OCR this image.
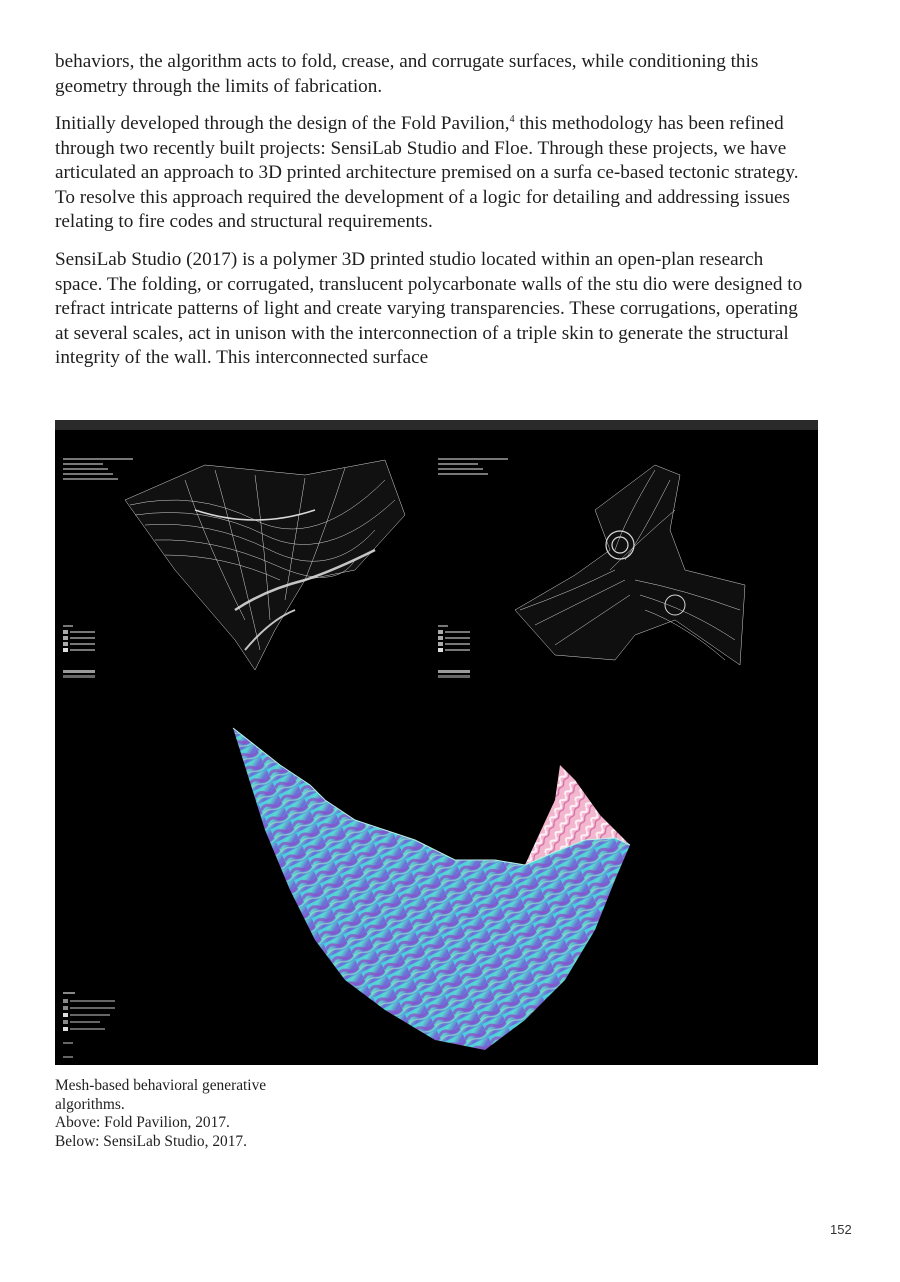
behaviors, the algorithm acts to fold, crease, and corrugate surfaces, while conditioning this geometry through the limits of fabrication.

Initially developed through the design of the Fold Pavilion,$^4$ this methodology has been refined through two recently built projects: SensiLab Studio and Floe. Through these projects, we have articulated an approach to 3D printed architecture premised on a surfa ce-based tectonic strategy. To resolve this approach required the development of a logic for detailing and addressing issues relating to fire codes and structural requirements.

SensiLab Studio (2017) is a polymer 3D printed studio located within an open-plan research space. The folding, or corrugated, translucent polycarbonate walls of the stu dio were designed to refract intricate patterns of light and create varying transparencies. These corrugations, operating at several scales, act in unison with the interconnection of a triple skin to generate the structural integrity of the wall. This interconnected surface

Mesh-based behavioral generative
algorithms.
Above: Fold Pavilion, 2017.
Below: SensiLab Studio, 2017.
152
